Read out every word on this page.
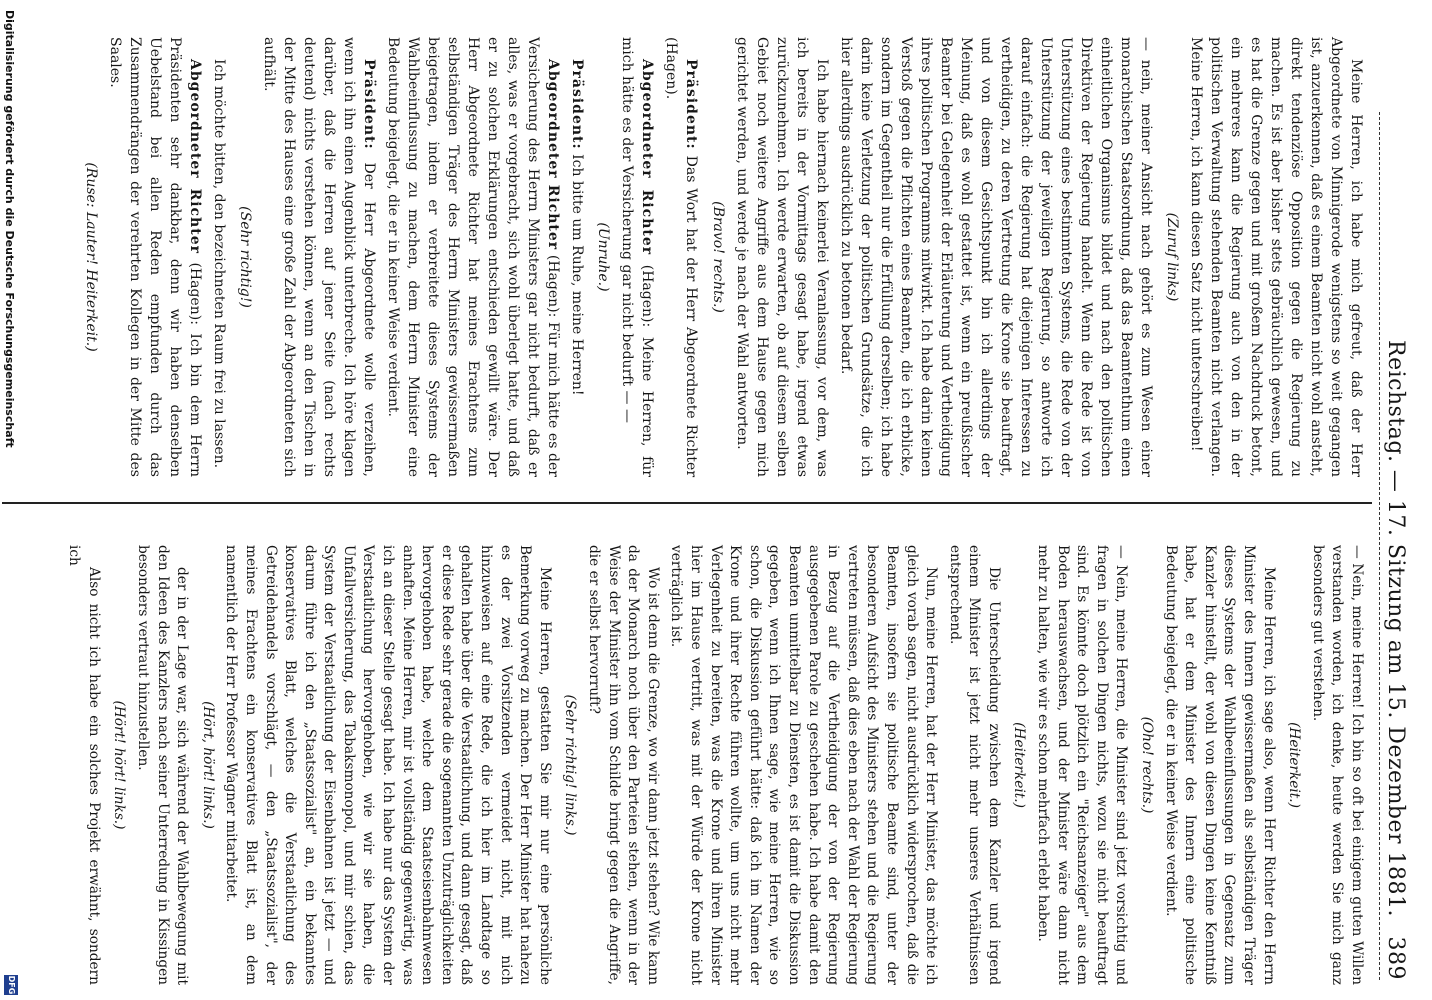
Reichstag. — 17. Sitzung am 15. Dezember 1881.
389

Meine Herren, ich habe mich gefreut, daß der Herr Abgeordnete von Minnigerode wenigstens so weit gegangen ist, anzuerkennen, daß es einem Beamten nicht wohl ansteht, direkt tendenziöse Opposition gegen die Regierung zu machen. Es ist aber bisher stets gebräuchlich gewesen, und es hat die Grenze gegen und mit großem Nachdruck betont, ein mehreres kann die Regierung auch von den in der politischen Verwaltung stehenden Beamten nicht verlangen. Meine Herren, ich kann diesen Satz nicht unterschreiben!

(Zuruf links)

— nein, meiner Ansicht nach gehört es zum Wesen einer monarchischen Staatsordnung, daß das Beamtenthum einen einheitlichen Organismus bildet und nach den politischen Direktiven der Regierung handelt. Wenn die Rede ist von Unterstützung eines bestimmten Systems, die Rede von der Unterstützung der jeweiligen Regierung, so antworte ich darauf einfach: die Regierung hat diejenigen Interessen zu vertheidigen, zu deren Vertretung die Krone sie beauftragt, und von diesem Gesichtspunkt bin ich allerdings der Meinung, daß es wohl gestattet ist, wenn ein preußischer Beamter bei Gelegenheit der Erläuterung und Vertheidigung ihres politischen Programms mitwirkt. Ich habe darin keinen Verstoß gegen die Pflichten eines Beamten, die ich erblicke, sondern im Gegentheil nur die Erfüllung derselben; ich habe darin keine Verletzung der politischen Grundsätze, die ich hier allerdings ausdrücklich zu betonen bedarf.

Ich habe hiernach keinerlei Veranlassung, vor dem, was ich bereits in der Vormittags gesagt habe, irgend etwas zurückzunehmen. Ich werde erwarten, ob auf diesem selben Gebiet noch weitere Angriffe aus dem Hause gegen mich gerichtet werden, und werde je nach der Wahl antworten.

(Bravo! rechts.)

Präsident: Das Wort hat der Herr Abgeordnete Richter (Hagen).

Abgeordneter Richter (Hagen): Meine Herren, für mich hätte es der Versicherung gar nicht bedurft — —

(Unruhe.)

Präsident: Ich bitte um Ruhe, meine Herren!

Abgeordneter Richter (Hagen): Für mich hätte es der Versicherung des Herrn Ministers gar nicht bedurft, daß er alles, was er vorgebracht, sich wohl überlegt hatte, und daß er zu solchen Erklärungen entschieden gewillt wäre. Der Herr Abgeordnete Richter hat meines Erachtens zum selbständigen Träger des Herrn Ministers gewissermaßen beigetragen, indem er verbreitete dieses Systems der Wahlbeeinflussung zu machen, dem Herrn Minister eine Bedeutung beigelegt, die er in keiner Weise verdient.

Präsident: Der Herr Abgeordnete wolle verzeihen, wenn ich ihn einen Augenblick unterbreche. Ich höre klagen darüber, daß die Herren auf jener Seite (nach rechts deutend) nichts verstehen können, wenn an den Tischen in der Mitte des Hauses eine große Zahl der Abgeordneten sich aufhält.

(Sehr richtig!)

Ich möchte bitten, den bezeichneten Raum frei zu lassen.

Abgeordneter Richter (Hagen): Ich bin dem Herrn Präsidenten sehr dankbar, denn wir haben denselben Uebelstand bei allen Reden empfunden durch das Zusammendrängen der verehrten Kollegen in der Mitte des Saales.

(Ruse: Lauter! Heiterkeit.)

— Nein, meine Herren! Ich bin so oft bei einigem guten Willen verstanden worden, ich denke, heute werden Sie mich ganz besonders gut verstehen.

(Heiterkeit.)

Meine Herren, ich sage also, wenn Herr Richter den Herrn Minister des Innern gewissermaßen als selbständigen Träger dieses Systems der Wahlbeeinflussungen in Gegensatz zum Kanzler hinstellt, der wohl von diesen Dingen keine Kenntniß habe, hat er dem Minister des Innern eine politische Bedeutung beigelegt, die er in keiner Weise verdient.

(Oho! rechts.)

— Nein, meine Herren, die Minister sind jetzt vorsichtig und fragen in solchen Dingen nichts, wozu sie nicht beauftragt sind. Es könnte doch plötzlich ein "Reichsanzeiger" aus dem Boden herauswachsen, und der Minister wäre dann nicht mehr zu halten, wie wir es schon mehrfach erlebt haben.

(Heiterkeit.)

Die Unterscheidung zwischen dem Kanzler und irgend einem Minister ist jetzt nicht mehr unseres Verhältnissen entsprechend.

Nun, meine Herren, hat der Herr Minister, das möchte ich gleich vorab sagen, nicht ausdrücklich widersprochen, daß die Beamten, insofern sie politische Beamte sind, unter der besonderen Aufsicht des Ministers stehen und die Regierung vertreten müssen, daß dies eben nach der Wahl der Regierung in Bezug auf die Vertheidigung der von der Regierung ausgegebenen Parole zu geschehen habe. Ich habe damit den Beamten unmittelbar zu Diensten, es ist damit die Diskussion gegeben, wenn ich Ihnen sage, wie meine Herren, wie so schon, die Diskussion geführt hätte: daß ich im Namen der Krone und ihrer Rechte führen wollte, um uns nicht mehr Verlegenheit zu bereiten, was die Krone und ihren Minister hier im Hause vertritt, was mit der Würde der Krone nicht verträglich ist.

Wo ist denn die Grenze, wo wir dann jetzt stehen? Wie kann da der Monarch noch über den Parteien stehen, wenn in der Weise der Minister ihn vom Schilde bringt gegen die Angriffe, die er selbst hervorruft?

(Sehr richtig! links.)

Meine Herren, gestatten Sie mir nur eine persönliche Bemerkung vorweg zu machen. Der Herr Minister hat nahezu es der zwei Vorsitzenden vermeidet nicht, mit nich hinzuweisen auf eine Rede, die ich hier im Landtage so gehalten habe über die Verstaatlichung, und dann gesagt, daß er diese Rede sehr gerade die sogenannten Unzuträglichkeiten hervorgehoben habe, welche dem Staatseisenbahnwesen anhaften. Meine Herren, mir ist vollständig gegenwärtig, was ich an dieser Stelle gesagt habe. Ich habe nur das System der Verstaatlichung hervorgehoben, wie wir sie haben, die Unfallversicherung, das Tabaksmonopol, und mir schien, das System der Verstaatlichung der Eisenbahnen ist jetzt — und darum führe ich den „Staatssozialist" an, ein bekanntes konservatives Blatt, welches die Verstaatlichung des Getreidehandels vorschlägt, — den „Staatssozialist", der meines Erachtens ein konservatives Blatt ist, an dem namentlich der Herr Professor Wagner mitarbeitet.

(Hört, hört! links.)

der in der Lage war, sich während der Wahlbewegung mit den Ideen des Kanzlers nach seiner Unterredung in Kissingen besonders vertraut hinzustellen.

(Hört! hört! links.)

Also nicht ich habe ein solches Projekt erwähnt, sondern ich

Digitalisierung gefördert durch die Deutsche Forschungsgemeinschaft
DFG
